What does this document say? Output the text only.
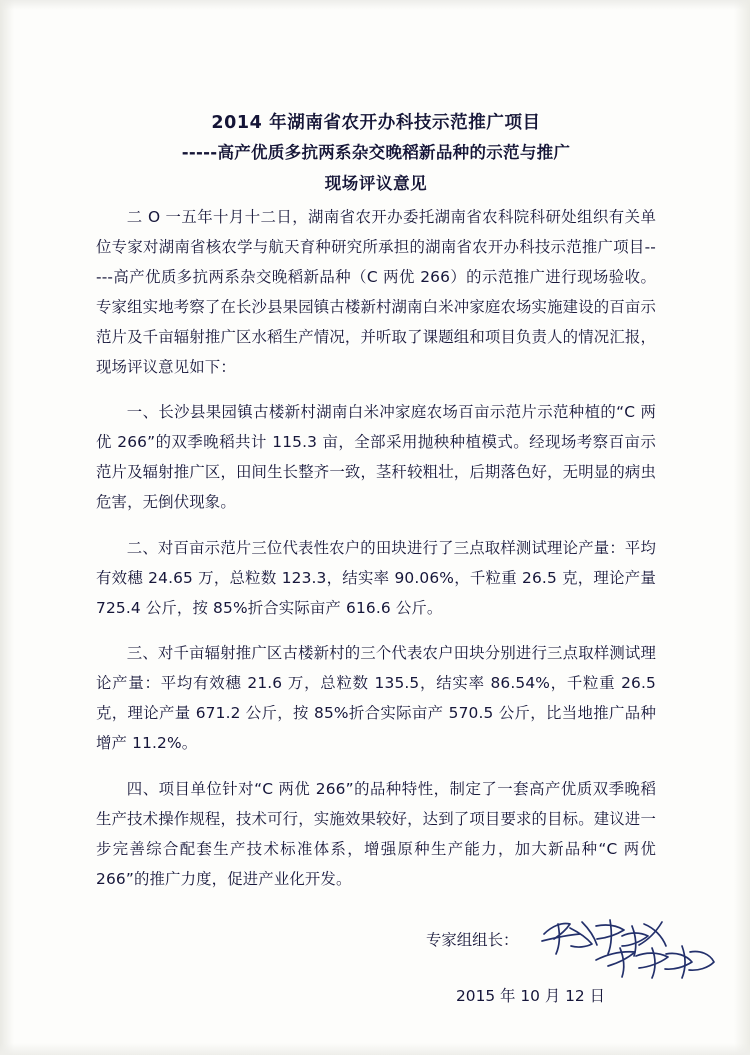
2014 年湖南省农开办科技示范推广项目
-----高产优质多抗两系杂交晚稻新品种的示范与推广
现场评议意见

二 O 一五年十月十二日，湖南省农开办委托湖南省农科院科研处组织有关单位专家对湖南省核农学与航天育种研究所承担的湖南省农开办科技示范推广项目-----高产优质多抗两系杂交晚稻新品种（C 两优 266）的示范推广进行现场验收。专家组实地考察了在长沙县果园镇古楼新村湖南白米冲家庭农场实施建设的百亩示范片及千亩辐射推广区水稻生产情况，并听取了课题组和项目负责人的情况汇报，现场评议意见如下：

一、长沙县果园镇古楼新村湖南白米冲家庭农场百亩示范片示范种植的“C 两优 266”的双季晚稻共计 115.3 亩，全部采用抛秧种植模式。经现场考察百亩示范片及辐射推广区，田间生长整齐一致，茎秆较粗壮，后期落色好，无明显的病虫危害，无倒伏现象。

二、对百亩示范片三位代表性农户的田块进行了三点取样测试理论产量：平均有效穗 24.65 万，总粒数 123.3，结实率 90.06%，千粒重 26.5 克，理论产量 725.4 公斤，按 85%折合实际亩产 616.6 公斤。

三、对千亩辐射推广区古楼新村的三个代表农户田块分别进行三点取样测试理论产量：平均有效穗 21.6 万，总粒数 135.5，结实率 86.54%，千粒重 26.5 克，理论产量 671.2 公斤，按 85%折合实际亩产 570.5 公斤，比当地推广品种增产 11.2%。

四、项目单位针对“C 两优 266”的品种特性，制定了一套高产优质双季晚稻生产技术操作规程，技术可行，实施效果较好，达到了项目要求的目标。建议进一步完善综合配套生产技术标准体系，增强原种生产能力，加大新品种“C 两优 266”的推广力度，促进产业化开发。

专家组组长：
2015 年 10 月 12 日
